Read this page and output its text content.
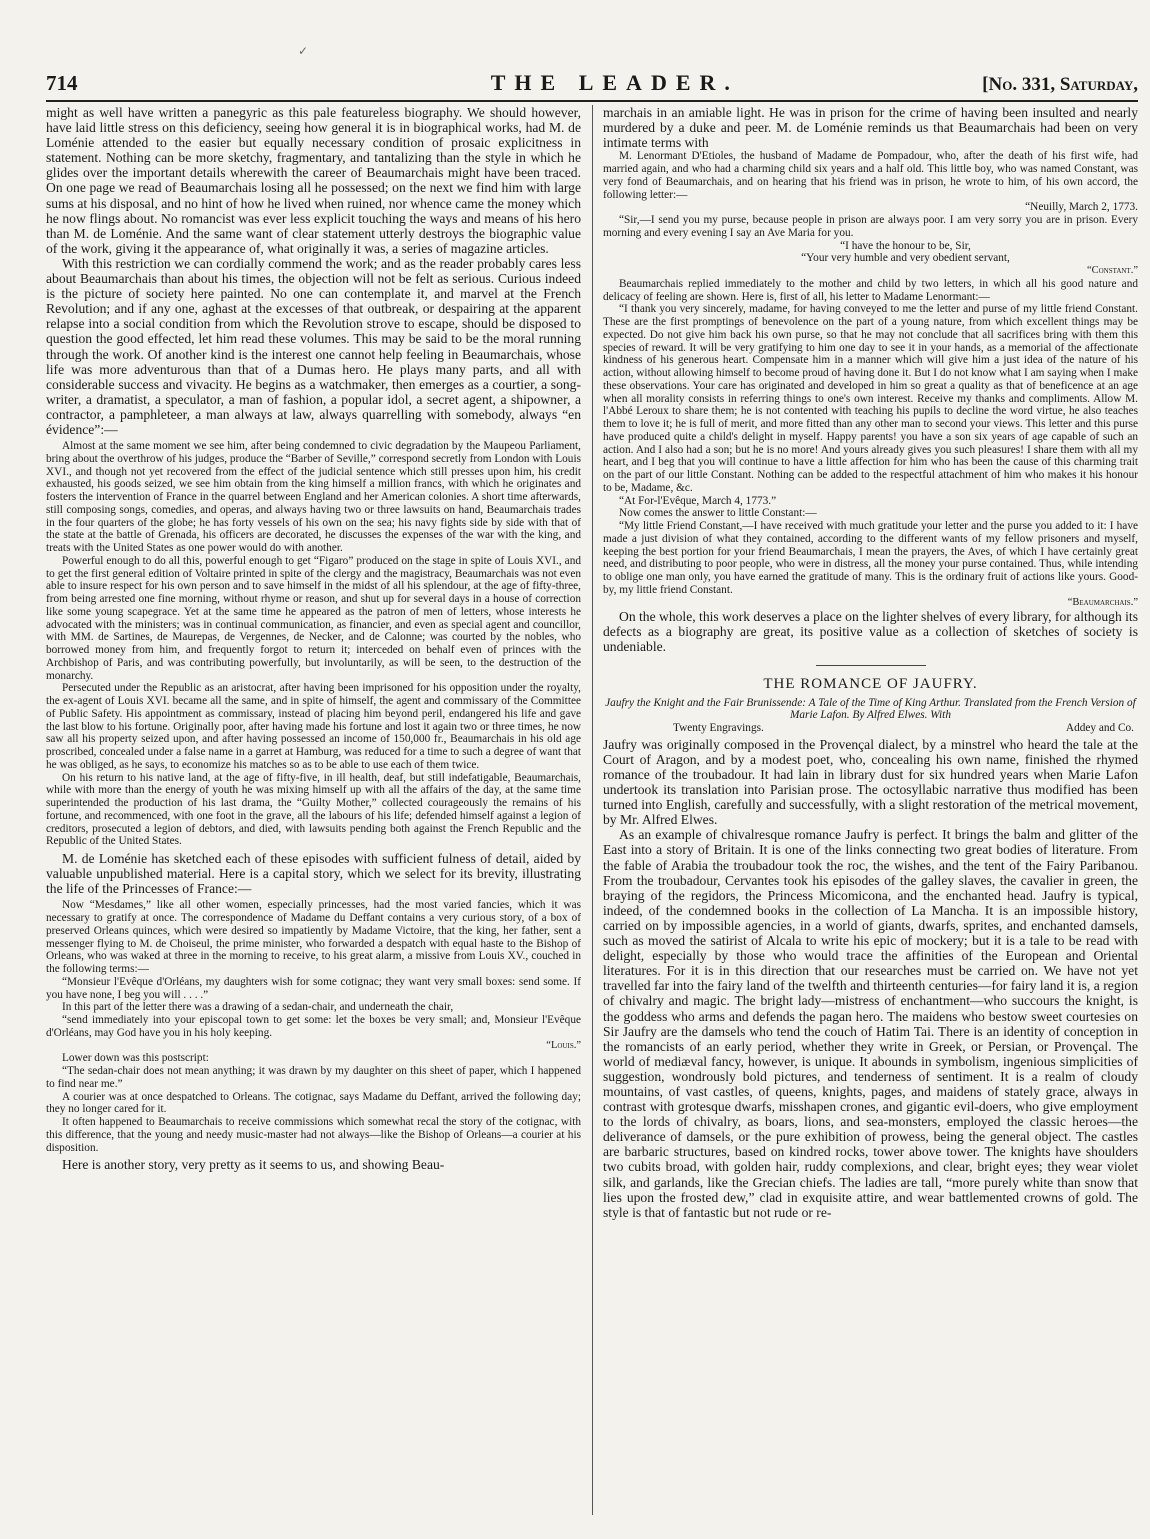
✓
714	THE LEADER.	[No. 331, Saturday,

might as well have written a panegyric as this pale featureless biography. We should however, have laid little stress on this deficiency, seeing how general it is in biographical works, had M. de Loménie attended to the easier but equally necessary condition of prosaic explicitness in statement. Nothing can be more sketchy, fragmentary, and tantalizing than the style in which he glides over the important details wherewith the career of Beaumarchais might have been traced. On one page we read of Beaumarchais losing all he possessed; on the next we find him with large sums at his disposal, and no hint of how he lived when ruined, nor whence came the money which he now flings about. No romancist was ever less explicit touching the ways and means of his hero than M. de Loménie. And the same want of clear statement utterly destroys the biographic value of the work, giving it the appearance of, what originally it was, a series of magazine articles.

With this restriction we can cordially commend the work; and as the reader probably cares less about Beaumarchais than about his times, the objection will not be felt as serious. Curious indeed is the picture of society here painted. No one can contemplate it, and marvel at the French Revolution; and if any one, aghast at the excesses of that outbreak, or despairing at the apparent relapse into a social condition from which the Revolution strove to escape, should be disposed to question the good effected, let him read these volumes. This may be said to be the moral running through the work. Of another kind is the interest one cannot help feeling in Beaumarchais, whose life was more adventurous than that of a Dumas hero. He plays many parts, and all with considerable success and vivacity. He begins as a watchmaker, then emerges as a courtier, a song-writer, a dramatist, a speculator, a man of fashion, a popular idol, a secret agent, a shipowner, a contractor, a pamphleteer, a man always at law, always quarrelling with somebody, always “en évidence”:—

Almost at the same moment we see him, after being condemned to civic degradation by the Maupeou Parliament, bring about the overthrow of his judges, produce the “Barber of Seville,” correspond secretly from London with Louis XVI., and though not yet recovered from the effect of the judicial sentence which still presses upon him, his credit exhausted, his goods seized, we see him obtain from the king himself a million francs, with which he originates and fosters the intervention of France in the quarrel between England and her American colonies. A short time afterwards, still composing songs, comedies, and operas, and always having two or three lawsuits on hand, Beaumarchais trades in the four quarters of the globe; he has forty vessels of his own on the sea; his navy fights side by side with that of the state at the battle of Grenada, his officers are decorated, he discusses the expenses of the war with the king, and treats with the United States as one power would do with another.

Powerful enough to do all this, powerful enough to get “Figaro” produced on the stage in spite of Louis XVI., and to get the first general edition of Voltaire printed in spite of the clergy and the magistracy, Beaumarchais was not even able to insure respect for his own person and to save himself in the midst of all his splendour, at the age of fifty-three, from being arrested one fine morning, without rhyme or reason, and shut up for several days in a house of correction like some young scapegrace. Yet at the same time he appeared as the patron of men of letters, whose interests he advocated with the ministers; was in continual communication, as financier, and even as special agent and councillor, with MM. de Sartines, de Maurepas, de Vergennes, de Necker, and de Calonne; was courted by the nobles, who borrowed money from him, and frequently forgot to return it; interceded on behalf even of princes with the Archbishop of Paris, and was contributing powerfully, but involuntarily, as will be seen, to the destruction of the monarchy.

Persecuted under the Republic as an aristocrat, after having been imprisoned for his opposition under the royalty, the ex-agent of Louis XVI. became all the same, and in spite of himself, the agent and commissary of the Committee of Public Safety. His appointment as commissary, instead of placing him beyond peril, endangered his life and gave the last blow to his fortune. Originally poor, after having made his fortune and lost it again two or three times, he now saw all his property seized upon, and after having possessed an income of 150,000 fr., Beaumarchais in his old age proscribed, concealed under a false name in a garret at Hamburg, was reduced for a time to such a degree of want that he was obliged, as he says, to economize his matches so as to be able to use each of them twice.

On his return to his native land, at the age of fifty-five, in ill health, deaf, but still indefatigable, Beaumarchais, while with more than the energy of youth he was mixing himself up with all the affairs of the day, at the same time superintended the production of his last drama, the “Guilty Mother,” collected courageously the remains of his fortune, and recommenced, with one foot in the grave, all the labours of his life; defended himself against a legion of creditors, prosecuted a legion of debtors, and died, with lawsuits pending both against the French Republic and the Republic of the United States.

M. de Loménie has sketched each of these episodes with sufficient fulness of detail, aided by valuable unpublished material. Here is a capital story, which we select for its brevity, illustrating the life of the Princesses of France:—

Now “Mesdames,” like all other women, especially princesses, had the most varied fancies, which it was necessary to gratify at once. The correspondence of Madame du Deffant contains a very curious story, of a box of preserved Orleans quinces, which were desired so impatiently by Madame Victoire, that the king, her father, sent a messenger flying to M. de Choiseul, the prime minister, who forwarded a despatch with equal haste to the Bishop of Orleans, who was waked at three in the morning to receive, to his great alarm, a missive from Louis XV., couched in the following terms:—

“Monsieur l'Evêque d'Orléans, my daughters wish for some cotignac; they want very small boxes: send some. If you have none, I beg you will . . . .”

In this part of the letter there was a drawing of a sedan-chair, and underneath the chair,

“send immediately into your episcopal town to get some: let the boxes be very small; and, Monsieur l'Evêque d'Orléans, may God have you in his holy keeping.

“Louis.”

Lower down was this postscript:

“The sedan-chair does not mean anything; it was drawn by my daughter on this sheet of paper, which I happened to find near me.”

A courier was at once despatched to Orleans. The cotignac, says Madame du Deffant, arrived the following day; they no longer cared for it.

It often happened to Beaumarchais to receive commissions which somewhat recal the story of the cotignac, with this difference, that the young and needy music-master had not always—like the Bishop of Orleans—a courier at his disposition.

Here is another story, very pretty as it seems to us, and showing Beau-

marchais in an amiable light. He was in prison for the crime of having been insulted and nearly murdered by a duke and peer. M. de Loménie reminds us that Beaumarchais had been on very intimate terms with

M. Lenormant D'Etioles, the husband of Madame de Pompadour, who, after the death of his first wife, had married again, and who had a charming child six years and a half old. This little boy, who was named Constant, was very fond of Beaumarchais, and on hearing that his friend was in prison, he wrote to him, of his own accord, the following letter:—

“Neuilly, March 2, 1773.

“Sir,—I send you my purse, because people in prison are always poor. I am very sorry you are in prison. Every morning and every evening I say an Ave Maria for you.

“I have the honour to be, Sir,
“Your very humble and very obedient servant,
“Constant.”

Beaumarchais replied immediately to the mother and child by two letters, in which all his good nature and delicacy of feeling are shown. Here is, first of all, his letter to Madame Lenormant:—

“I thank you very sincerely, madame, for having conveyed to me the letter and purse of my little friend Constant. These are the first promptings of benevolence on the part of a young nature, from which excellent things may be expected. Do not give him back his own purse, so that he may not conclude that all sacrifices bring with them this species of reward. It will be very gratifying to him one day to see it in your hands, as a memorial of the affectionate kindness of his generous heart. Compensate him in a manner which will give him a just idea of the nature of his action, without allowing himself to become proud of having done it. But I do not know what I am saying when I make these observations. Your care has originated and developed in him so great a quality as that of beneficence at an age when all morality consists in referring things to one's own interest. Receive my thanks and compliments. Allow M. l'Abbé Leroux to share them; he is not contented with teaching his pupils to decline the word virtue, he also teaches them to love it; he is full of merit, and more fitted than any other man to second your views. This letter and this purse have produced quite a child's delight in myself. Happy parents! you have a son six years of age capable of such an action. And I also had a son; but he is no more! And yours already gives you such pleasures! I share them with all my heart, and I beg that you will continue to have a little affection for him who has been the cause of this charming trait on the part of our little Constant. Nothing can be added to the respectful attachment of him who makes it his honour to be, Madame, &c.

“At For-l'Evêque, March 4, 1773.”

Now comes the answer to little Constant:—

“My little Friend Constant,—I have received with much gratitude your letter and the purse you added to it: I have made a just division of what they contained, according to the different wants of my fellow prisoners and myself, keeping the best portion for your friend Beaumarchais, I mean the prayers, the Aves, of which I have certainly great need, and distributing to poor people, who were in distress, all the money your purse contained. Thus, while intending to oblige one man only, you have earned the gratitude of many. This is the ordinary fruit of actions like yours. Good-by, my little friend Constant.

“Beaumarchais.”

On the whole, this work deserves a place on the lighter shelves of every library, for although its defects as a biography are great, its positive value as a collection of sketches of society is undeniable.

THE ROMANCE OF JAUFRY.
Jaufry the Knight and the Fair Brunissende: A Tale of the Time of King Arthur. Translated from the French Version of Marie Lafon. By Alfred Elwes. With
Twenty Engravings.	Addey and Co.

Jaufry was originally composed in the Provençal dialect, by a minstrel who heard the tale at the Court of Aragon, and by a modest poet, who, concealing his own name, finished the rhymed romance of the troubadour. It had lain in library dust for six hundred years when Marie Lafon undertook its translation into Parisian prose. The octosyllabic narrative thus modified has been turned into English, carefully and successfully, with a slight restoration of the metrical movement, by Mr. Alfred Elwes.

As an example of chivalresque romance Jaufry is perfect. It brings the balm and glitter of the East into a story of Britain. It is one of the links connecting two great bodies of literature. From the fable of Arabia the troubadour took the roc, the wishes, and the tent of the Fairy Paribanou. From the troubadour, Cervantes took his episodes of the galley slaves, the cavalier in green, the braying of the regidors, the Princess Micomicona, and the enchanted head. Jaufry is typical, indeed, of the condemned books in the collection of La Mancha. It is an impossible history, carried on by impossible agencies, in a world of giants, dwarfs, sprites, and enchanted damsels, such as moved the satirist of Alcala to write his epic of mockery; but it is a tale to be read with delight, especially by those who would trace the affinities of the European and Oriental literatures. For it is in this direction that our researches must be carried on. We have not yet travelled far into the fairy land of the twelfth and thirteenth centuries—for fairy land it is, a region of chivalry and magic. The bright lady—mistress of enchantment—who succours the knight, is the goddess who arms and defends the pagan hero. The maidens who bestow sweet courtesies on Sir Jaufry are the damsels who tend the couch of Hatim Tai. There is an identity of conception in the romancists of an early period, whether they write in Greek, or Persian, or Provençal. The world of mediæval fancy, however, is unique. It abounds in symbolism, ingenious simplicities of suggestion, wondrously bold pictures, and tenderness of sentiment. It is a realm of cloudy mountains, of vast castles, of queens, knights, pages, and maidens of stately grace, always in contrast with grotesque dwarfs, misshapen crones, and gigantic evil-doers, who give employment to the lords of chivalry, as boars, lions, and sea-monsters, employed the classic heroes—the deliverance of damsels, or the pure exhibition of prowess, being the general object. The castles are barbaric structures, based on kindred rocks, tower above tower. The knights have shoulders two cubits broad, with golden hair, ruddy complexions, and clear, bright eyes; they wear violet silk, and garlands, like the Grecian chiefs. The ladies are tall, “more purely white than snow that lies upon the frosted dew,” clad in exquisite attire, and wear battlemented crowns of gold. The style is that of fantastic but not rude or re-
